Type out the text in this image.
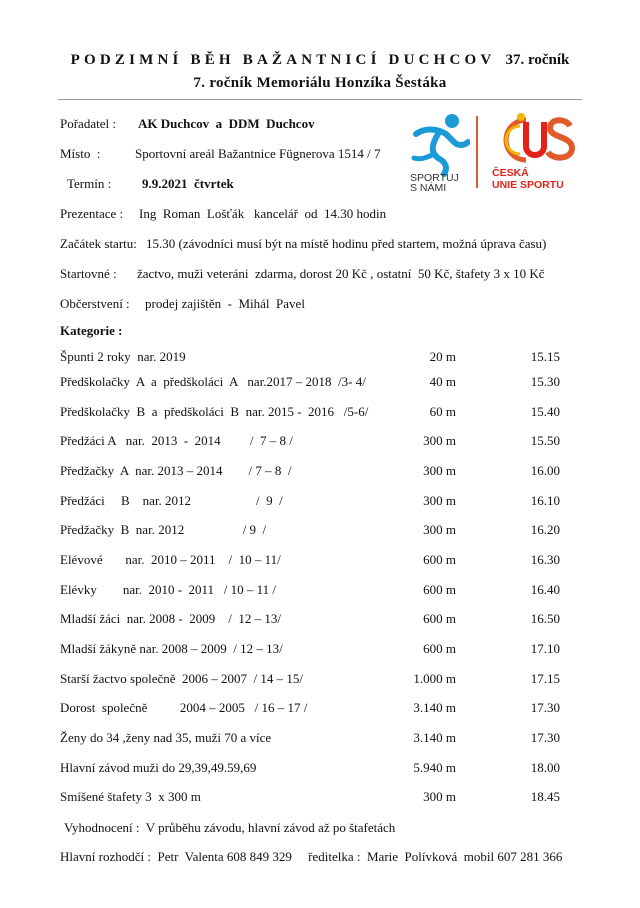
PODZIMNÍ BĚH BAŽANTNICÍ DUCHCOV 37. ročník
7. ročník Memoriálu Honzíka Šestáka
Pořadatel : AK Duchcov  a  DDM  Duchcov
Místo  :	Sportovní areál Bažantnice Fügnerova 1514 / 7
Termín : 9.9.2021  čtvrtek
Prezentace : Ing  Roman  Lošťák   kancelář  od  14.30 hodin
Začátek startu: 15.30 (závodníci musí být na místě hodinu před startem, možná úprava času)
Startovné : žactvo, muži veteráni  zdarma, dorost 20 Kč , ostatní  50 Kč, štafety 3 x 10 Kč
Občerstvení : prodej zajištěn  -  Mihál  Pavel
SPORTUJ
S NÁMI
ČESKÁ
UNIE SPORTU
Kategorie :
Špunti 2 roky  nar. 2019	20 m	15.15
Předškolačky  A  a  předškoláci  A   nar.2017 – 2018  /3- 4/	40 m	15.30
Předškolačky  B  a  předškoláci  B  nar. 2015 -  2016   /5-6/	60 m	15.40
Předžáci A   nar.  2013  -  2014         /  7 – 8 /	300 m	15.50
Předžačky  A  nar. 2013 – 2014        / 7 – 8  /	300 m	16.00
Předžáci     B    nar. 2012                    /  9  /	300 m	16.10
Předžačky  B  nar. 2012                  / 9  /	300 m	16.20
Elévové       nar.  2010 – 2011    /  10 – 11/	600 m	16.30
Elévky        nar.  2010 -  2011   / 10 – 11 /	600 m	16.40
Mladší žáci  nar. 2008 -  2009    /  12 – 13/	600 m	16.50
Mladší žákyně nar. 2008 – 2009  / 12 – 13/	600 m	17.10
Starší žactvo společně  2006 – 2007  / 14 – 15/	1.000 m	17.15
Dorost  společně          2004 – 2005   / 16 – 17 /	3.140 m	17.30
Ženy do 34 ,ženy nad 35, muži 70 a více	3.140 m	17.30
Hlavní závod muži do 29,39,49.59,69	5.940 m	18.00
Smíšené štafety 3  x 300 m	300 m	18.45
Vyhodnocení :  V průběhu závodu, hlavní závod až po štafetách
Hlavní rozhodčí :  Petr  Valenta 608 849 329     ředitelka :  Marie  Polívková  mobil 607 281 366
